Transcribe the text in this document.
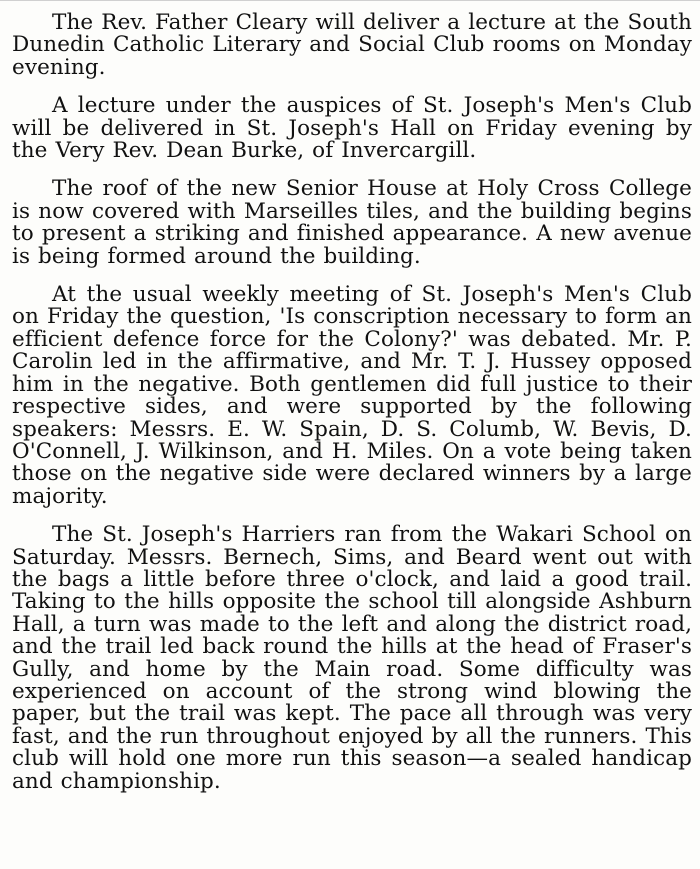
The Rev. Father Cleary will deliver a lecture at the South Dunedin Catholic Literary and Social Club rooms on Monday evening.

A lecture under the auspices of St. Joseph's Men's Club will be delivered in St. Joseph's Hall on Friday evening by the Very Rev. Dean Burke, of Invercargill.

The roof of the new Senior House at Holy Cross College is now covered with Marseilles tiles, and the building begins to present a striking and finished appearance. A new avenue is being formed around the building.

At the usual weekly meeting of St. Joseph's Men's Club on Friday the question, 'Is conscription necessary to form an efficient defence force for the Colony?' was debated. Mr. P. Carolin led in the affirmative, and Mr. T. J. Hussey opposed him in the negative. Both gentlemen did full justice to their respective sides, and were supported by the following speakers: Messrs. E. W. Spain, D. S. Columb, W. Bevis, D. O'Connell, J. Wilkinson, and H. Miles. On a vote being taken those on the negative side were declared winners by a large majority.

The St. Joseph's Harriers ran from the Wakari School on Saturday. Messrs. Bernech, Sims, and Beard went out with the bags a little before three o'clock, and laid a good trail. Taking to the hills opposite the school till alongside Ashburn Hall, a turn was made to the left and along the district road, and the trail led back round the hills at the head of Fraser's Gully, and home by the Main road. Some difficulty was experienced on account of the strong wind blowing the paper, but the trail was kept. The pace all through was very fast, and the run throughout enjoyed by all the runners. This club will hold one more run this season—a sealed handicap and championship.
